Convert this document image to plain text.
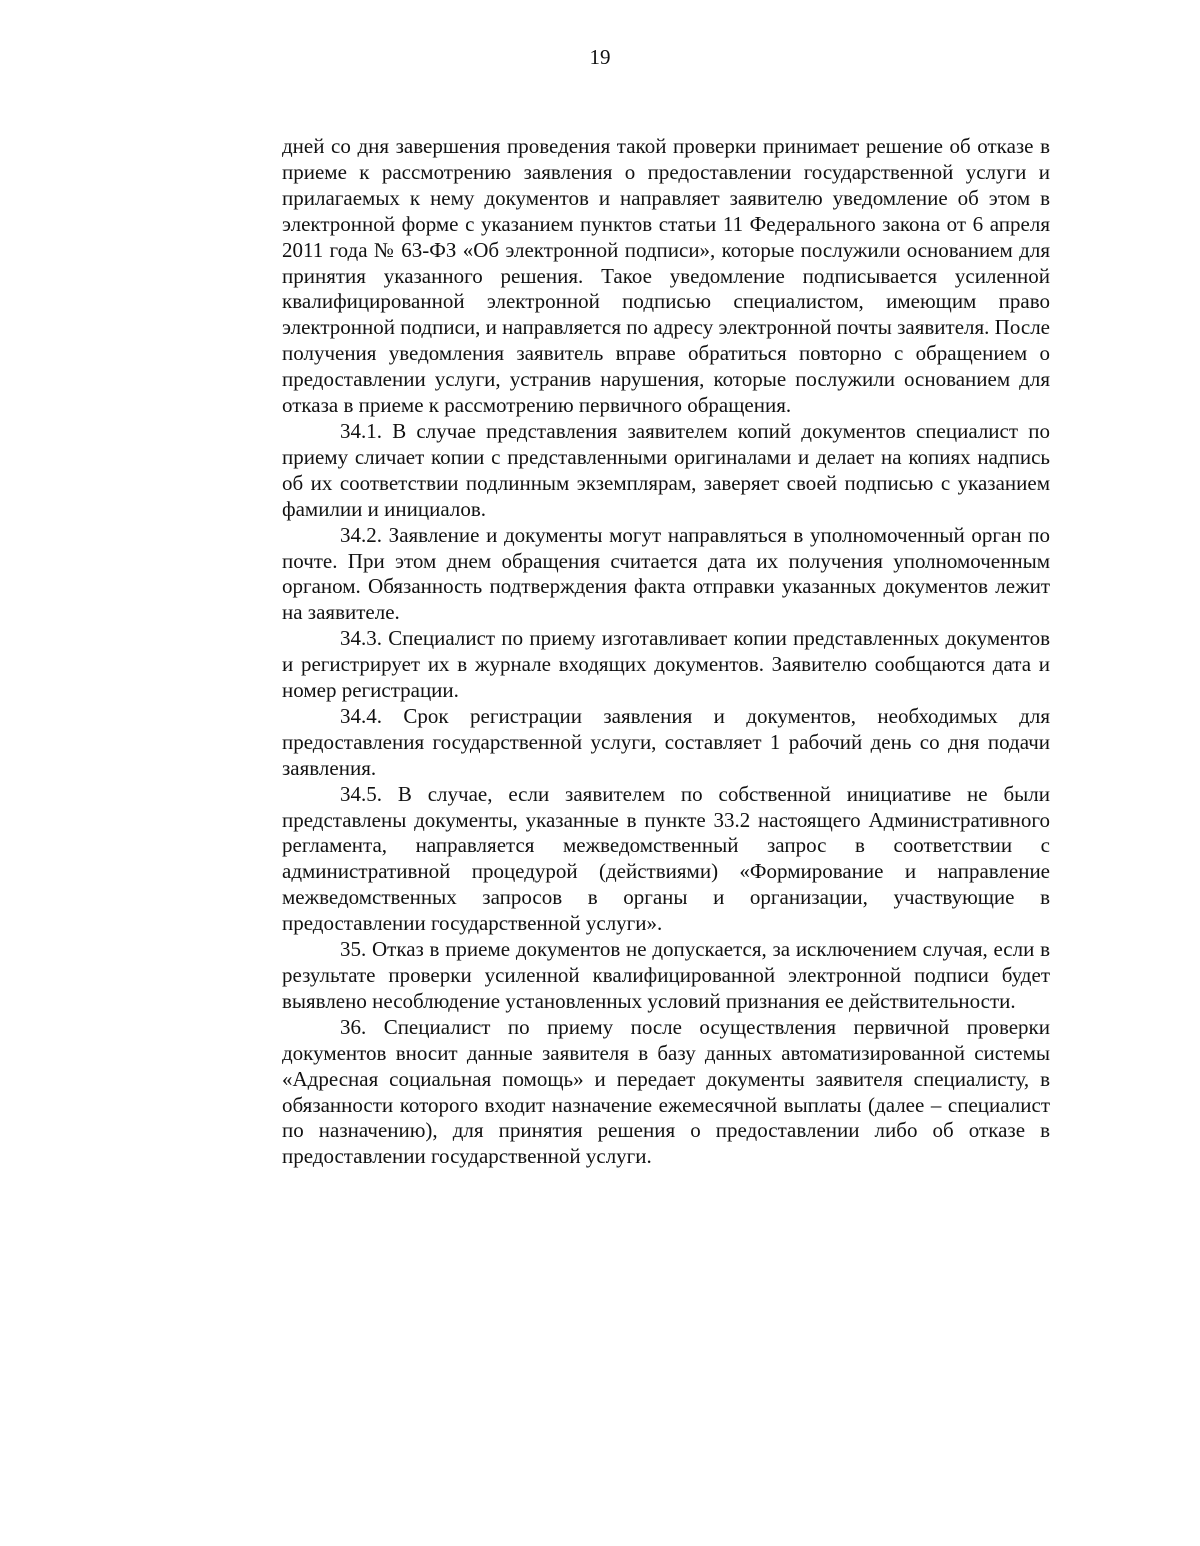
19

дней со дня завершения проведения такой проверки принимает решение об отказе в приеме к рассмотрению заявления о предоставлении государственной услуги и прилагаемых к нему документов и направляет заявителю уведомление об этом в электронной форме с указанием пунктов статьи 11 Федерального закона от 6 апреля 2011 года № 63-ФЗ «Об электронной подписи», которые послужили основанием для принятия указанного решения. Такое уведомление подписывается усиленной квалифицированной электронной подписью специалистом, имеющим право электронной подписи, и направляется по адресу электронной почты заявителя. После получения уведомления заявитель вправе обратиться повторно с обращением о предоставлении услуги, устранив нарушения, которые послужили основанием для отказа в приеме к рассмотрению первичного обращения.

34.1. В случае представления заявителем копий документов специалист по приему сличает копии с представленными оригиналами и делает на копиях надпись об их соответствии подлинным экземплярам, заверяет своей подписью с указанием фамилии и инициалов.

34.2. Заявление и документы могут направляться в уполномоченный орган по почте. При этом днем обращения считается дата их получения уполномоченным органом. Обязанность подтверждения факта отправки указанных документов лежит на заявителе.

34.3. Специалист по приему изготавливает копии представленных документов и регистрирует их в журнале входящих документов. Заявителю сообщаются дата и номер регистрации.

34.4. Срок регистрации заявления и документов, необходимых для предоставления государственной услуги, составляет 1 рабочий день со дня подачи заявления.

34.5. В случае, если заявителем по собственной инициативе не были представлены документы, указанные в пункте 33.2 настоящего Административного регламента, направляется межведомственный запрос в соответствии с административной процедурой (действиями) «Формирование и направление межведомственных запросов в органы и организации, участвующие в предоставлении государственной услуги».

35. Отказ в приеме документов не допускается, за исключением случая, если в результате проверки усиленной квалифицированной электронной подписи будет выявлено несоблюдение установленных условий признания ее действительности.

36. Специалист по приему после осуществления первичной проверки документов вносит данные заявителя в базу данных автоматизированной системы «Адресная социальная помощь» и передает документы заявителя специалисту, в обязанности которого входит назначение ежемесячной выплаты (далее – специалист по назначению), для принятия решения о предоставлении либо об отказе в предоставлении государственной услуги.
